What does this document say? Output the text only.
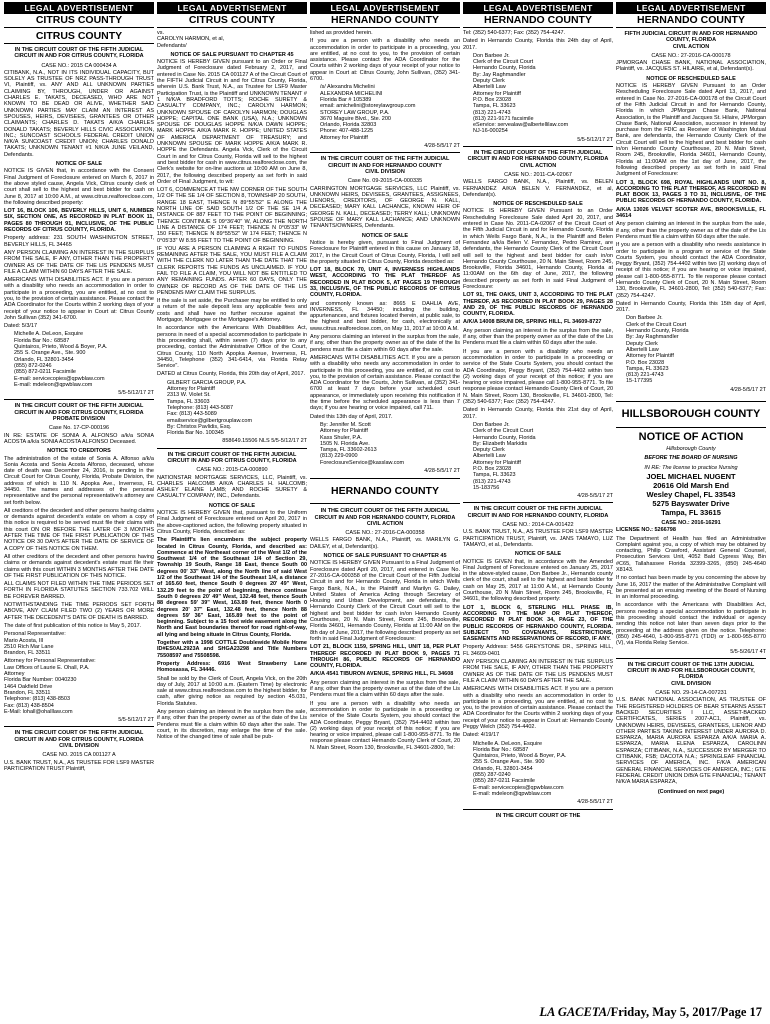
LEGAL ADVERTISEMENT
CITRUS COUNTY
CITRUS COUNTY
IN THE CIRCUIT COURT OF THE FIFTH JUDICIAL CIRCUIT IN AND FOR CITRUS COUNTY, FLORIDA
CASE NO.: 2015 CA 000434 A

CITIBANK, N.A., NOT IN ITS INDIVIDUAL CAPACITY, BUT SOLELY AS TRUSTEE OF NRZ PASS-THROUGH TRUST VI, Plaintiff, vs. ANY AND ALL UNKNOWN PARTIES CLAIMING BY, THROUGH, UNDER OR AGAINST CHARLES E. TAKATS, DECEASED, WHO ARE NOT KNOWN TO BE DEAD OR ALIVE, WHETHER SAID UNKNOWN PARTIES MAY CLAIM AN INTEREST AS SPOUSES, HEIRS, DEVISEES, GRANTEES OR OTHER CLAIMANTS; CHARLES D. TAKATS A/K/A CHARLES DONALD TAKATS; BEVERLY HILLS CIVIC ASSOCIATION, INC.; SUNCOAST SCHOOLS FEDERAL CREDIT UNION N/K/A SUNCOAST CREDIT UNION; CHARLES DONALD TAKATS; UNKNOWN TENANT #1 N/K/A JUNE VEILAND, Defendants.

NOTICE OF SALE

NOTICE IS GIVEN that, in accordance with the Consent Final Judgment of Foreclosure entered on March 6, 2017 in the above styled cause, Angela Vick, Citrus county clerk of court shall sell to the highest and best bidder for cash on June 8, 2017 at 10:00 A.M., at www.citrus.realforeclose.com, the following described property:

LOT 16, BLOCK 106, BEVERLY HILLS, UNIT 6, NUMBER SIX, SECTION ONE, AS RECORDED IN PLAT BOOK 11, PAGES 80 THROUGH 91, INCLUSIVE, OF THE PUBLIC RECORDS OF CITRUS COUNTY, FLORIDA.

Property address: 231 SOUTH WASHINGTON STREET, BEVERLY HILLS, FL 34465

ANY PERSON CLAIMING AN INTEREST IN THE SURPLUS FROM THE SALE, IF ANY, OTHER THAN THE PROPERTY OWNER AS OF THE DATE OF THE LIS PENDENS MUST FILE A CLAIM WITHIN 60 DAYS AFTER THE SALE.

AMERICANS WITH DISABILITIES ACT. If you are a person with a disability who needs an accommodation in order to participate in a proceeding, you are entitled, at no cost to you, to the provision of certain assistance. Please contact the ADA Coordinator for the Courts within 2 working days of your receipt of your notice to appear in Court at: Citrus County John Sullivan (352) 341-6700.

Dated: 5/3/17

Michelle A. DeLeon, Esquire
Florida Bar No.: 68587
Quintairos, Prieto, Wood & Boyer, P.A.
255 S. Orange Ave., Ste. 900
Orlando, FL 32801-3454
(855) 872-0246
(855) 872-0211 Facsimile
E-mail: servicecopies@qpwblaw.com
E-mail: mdeleon@qpwblaw.com

5/5-5/12/17 2T

IN THE CIRCUIT COURT OF THE FIFTH JUDICIAL CIRCUIT IN AND FOR CITRUS COUNTY, FLORIDA
PROBATE DIVISION
Case No. 17-CP-000196

IN RE: ESTATE OF SONIA A. ALFONSO a/k/a SONIA ACOSTA a/k/a SONIA ACOSTA ALFONSO Deceased.

NOTICE TO CREDITORS

The administration of the estate of Sonia A. Alfonso a/k/a Sonia Acosta and Sonia Acosta Alfonso, deceased, whose date of death was December 24, 2016, is pending in the Circuit Court for Citrus County, Florida, Probate Division, the address of which is 110 N. Apopka Ave., Inverness, FL 34450. The names and addresses of the personal representative and the personal representative's attorney are set forth below.

All creditors of the decedent and other persons having claims or demands against decedent's estate on whom a copy of this notice is required to be served must file their claims with this court ON OR BEFORE THE LATER OF 3 MONTHS AFTER THE TIME OF THE FIRST PUBLICATION OF THIS NOTICE OR 30 DAYS AFTER THE DATE OF SERVICE OF A COPY OF THIS NOTICE ON THEM.

All other creditors of the decedent and other persons having claims or demands against decedent's estate must file their claims with this court WITHIN 3 MONTHS AFTER THE DATE OF THE FIRST PUBLICATION OF THIS NOTICE.

ALL CLAIMS NOT FILED WITHIN THE TIME PERIODS SET FORTH IN FLORIDA STATUTES SECTION 733.702 WILL BE FOREVER BARRED.

NOTWITHSTANDING THE TIME PERIODS SET FORTH ABOVE, ANY CLAIM FILED TWO (2) YEARS OR MORE AFTER THE DECEDENT'S DATE OF DEATH IS BARRED.

The date of first publication of this notice is May 5, 2017.

Personal Representative:
Mario Acosta, III
2510 Rich Mar Lane
Brandon, FL 33511

Attorney for Personal Representative:
Law Offices of Laurie E. Ohall, P.A.
Attorney
Florida Bar Number: 0040230
1464 Oakfield Drive
Brandon, FL 33511
Telephone: (813) 438-8503
Fax: (813) 438-8504
E-Mail: lohall@ohalllaw.com

5/5-5/12/17 2T

IN THE CIRCUIT COURT OF THE FIFTH JUDICIAL CIRCUIT IN AND FOR CITRUS COUNTY, FLORIDA
CIVIL DIVISION
CASE NO. 2015 CA 001127 A

U.S. BANK TRUST, N.A., AS TRUSTEE FOR LSF9 MASTER PARTICIPATION TRUST Plaintiff,

LEGAL ADVERTISEMENT
CITRUS COUNTY

vs.
CAROLYN HARMON, et al,
Defendants/

NOTICE OF SALE PURSUANT TO CHAPTER 45

NOTICE IS HEREBY GIVEN pursuant to an Order or Final Judgment of Foreclosure dated February 2, 2017, and entered in Case No. 2015 CA 001127 A of the Circuit Court of the FIFTH Judicial Circuit in and for Citrus County, Florida, wherein U.S. Bank Trust, N.A., as Trustee for LSF9 Master Participation Trust, is the Plaintiff and UNKNOWN TENANT # 1 N/K/A BRADFORD TOTTS; ROCHE SURETY & CASUALTY COMPANY, INC.; CAROLYN HARMON; UNKNOWN SPOUSE OF CAROLYN HARMON; DOUGLAS HOPPE; CAPITAL ONE BANK (USA), N.A.; UNKNOWN SPOUSE OF DOUGLAS HOPPE N/K/A DAWN HOPPE; MARK HOPPE A/K/A MARK R. HOPPE; UNITED STATES OF AMERICA DEPARTMENT OF TREASURY; and UNKNOWN SPOUSE OF MARK HOPPE A/K/A MARK R. HOPPE the Defendants. Angela Vick, Clerk of the Circuit Court in and for Citrus County, Florida will sell to the highest and best bidder for cash in www.citrus.realforeclose.com, the Clerk's website for on-line auctions at 10:00 AM on June 8, 2017, the following described property as set forth in said Order of Final Judgment, to wit:

LOT 6, COMMENCE AT THE NW CORNER OF THE SOUTH 1/2 OF THE SE 1/4 OF SECTION 8, TOWNSHIP 20 SOUTH, RANGE 18 EAST, THENCE N 89°55'52" E ALONG THE NORTH LINE OF SAID SOUTH 1/2 OF THE SE 1/4 A DISTANCE OF 887 FEET TO THE POINT OF BEGINNING; THENCE CONTINUE S 09°36'40" W, ALONG THE NORTH LINE A DISTANCE OF 174 FEET; THENCE N 0°05'33" W 150 FEET; THENCE N 89°55'52" W 174 FEET; THENCE N 0°05'33" W 8.55 FEET TO THE POINT OF BEGINNING.

IF YOU ARE A PERSON CLAIMING A RIGHT TO FUNDS REMAINING AFTER THE SALE, YOU MUST FILE A CLAIM WITH THE CLERK NO LATER THAN THE DATE THAT THE CLERK REPORTS THE FUNDS AS UNCLAIMED. IF YOU FAIL TO FILE A CLAIM, YOU WILL NOT BE ENTITLED TO ANY REMAINING FUNDS. AFTER 60 DAYS, ONLY THE OWNER OF RECORD AS OF THE DATE OF THE LIS PENDENS MAY CLAIM THE SURPLUS.

If the sale is set aside, the Purchaser may be entitled to only a return of the sale deposit less any applicable fees and costs and shall have no further recourse against the Mortgagor, Mortgagee or the Mortgagee's Attorney.

In accordance with the Americans With Disabilities Act, persons in need of a special accommodation to participate in this proceeding shall, within seven (7) days prior to any proceeding, contact the Administrative Office of the Court, Citrus County, 110 North Apopka Avenue, Inverness, FL 34450, Telephone (352) 341-6414, via Florida Relay Service".

DATED at Citrus County, Florida, this 20th day of April, 2017.

GILBERT GARCIA GROUP, P.A.
Attorney for Plaintiff
2313 W. Violet St.
Tampa, FL 33603
Telephone: (813) 443-5087
Fax: (813) 443-5089
emailservice@gilbertgrouplaw.com
By: Christos Pavlidis, Esq.
Florida Bar No. 100345

858649.15506 NLS 5/5-5/12/17 2T

IN THE CIRCUIT COURT OF THE FIFTH JUDICIAL CIRCUIT IN AND FOR CITRUS COUNTY, FLORIDA
CASE NO.: 2015-CA-000890

NATIONSTAR MORTGAGE SERVICES, LLC, Plaintiff, vs. CHARLES HALCOMB A/K/A CHARLES H. HALCOMB; ASHLEY ELAINE LAMB; AND ROCHE SURETY & CASUALTY COMPANY, INC., Defendants.

NOTICE OF SALE

NOTICE IS HEREBY GIVEN that, pursuant to the Uniform Final Judgment of Foreclosure entered on April 20, 2017 in the above-captioned action, the following property situated in Citrus County, Florida, described as:

The Plaintiff's lien encumbers the subject property located in Citrus County, Florida, and described as: Commence at the Northeast corner of the West 1/2 of the Southwest 1/4 of the Southeast 1/4 of Section 29, Township 19 South, Range 18 East, thence South 00 degrees 00' 33" West, along the North line of said West 1/2 of the Southeast 1/4 of the Southeast 1/4, a distance of 165.60 feet, thence South 0 degrees 20' 49" West, 132.29 feet to the point of beginning, thence continue South 0 degrees 20' 49" West, 132.48 feet, thence South 88 degrees 59' 39" West, 163.89 feet, thence North 0 degrees 20' 37" East, 132.48 feet, thence North 88 degrees 59' 36" East, 165.89 feet to the point of beginning. Subject to a 15 foot wide easement along the North and East boundaries thereof for road right-of-way, all lying and being situate in Citrus County, Florida.

Together with a 1998 COTTLE Doublewide Mobile Home ID#ES0AL2923A and SHGA23298 and Title Numbers 75508597 and 75508598.

Property Address: 6916 West Strawberry Lane Homosassa, FL 34446.

Shall be sold by the Clerk of Court, Angela Vick, on the 20th day of July, 2017 at 10:00 a.m. (Eastern Time) by electronic sale at www.citrus.realforeclose.com to the highest bidder, for cash, after giving notice as required by section 45.031, Florida Statutes.

Any person claiming an interest in the surplus from the sale, if any, other than the property owner as of the date of the Lis Pendens must file a claim within 60 days after the sale. The court, in its discretion, may enlarge the time of the sale. Notice of the changed time of sale shall be pub-

LEGAL ADVERTISEMENT
HERNANDO COUNTY

lished as provided herein.

If you are a person with a disability who needs an accommodation in order to participate in a proceeding, you are entitled, at no cost to you, to the provision of certain assistance. Please contact the ADA Coordinator for the Courts within 2 working days of your receipt of your notice to appear in Court at: Citrus County, John Sullivan, (352) 341-6700.

/s/ Alexandra Michelini
ALEXANDRA MICHELINI
Florida Bar # 105389
email: amichelini@storeylawgroup.com
STOREY LAW GROUP, P.A.
3670 Maguire Blvd., Ste. 200
Orlando, Florida 32803
Phone: 407-488-1225
Attorney for Plaintiff

4/28-5/5/17 2T

IN THE CIRCUIT COURT OF THE FIFTH JUDICIAL CIRCUIT IN AND FOR HERNANDO COUNTY
CIVIL DIVISION
Case No. 09-2015-CA-000335

CARRINGTON MORTGAGE SERVICES, LLC Plaintiff, vs. UNKNOWN HEIRS, DEVISEES, GRANTEES, ASSIGNEES, LIENORS, CREDITORS, OF GEORGE N. KALL, DECEASED; MARY KALL LACHANCE, KNOWN HEIR OF GEORGE N. KALL, DECEASED; TERRY KALL; UNKNOWN SPOUSE OF MARY KALL LACHANCE; AND UNKNOWN TENANTS/OWNERS, Defendants.

NOTICE OF SALE

Notice is hereby given, pursuant to Final Judgment of Foreclosure for Plaintiff entered in this cause on January 18, 2017, in the Circuit Court of Citrus County, Florida, I will sell the property situated in Citrus County, Florida described as:

LOT 18, BLOCK 70, UNIT 4, INVERNESS HIGHLANDS WEST, ACCORDING TO THE PLAT THEREOF AS RECORDED IN PLAT BOOK 5, AT PAGES 19 THROUGH 33, INCLUSIVE, OF THE PUBLIC RECORDS OF CITRUS COUNTY, FLORIDA.

and commonly known as: 8665 E DAHLIA AVE, INVERNESS, FL 34450; including the building, appurtenances, and fixtures located therein, at public sale, to the highest and best bidder, for cash, electronically at www.citrus.realforeclose.com, on May 11, 2017 at 10:00 A.M.

Any persons claiming an interest in the surplus from the sale, if any, other than the property owner as of the date of the lis pendens must file a claim within 60 days after the sale.

AMERICANS WITH DISABILITIES ACT. If you are a person with a disability who needs any accommodation in order to participate in this proceeding, you are entitled, at no cost to you, to the provision of certain assistance. Please contact the ADA Coordinator for the Courts, John Sullivan, at (352) 341-6700 at least 7 days before your scheduled court appearance, or immediately upon receiving this notification if the time before the scheduled appearance is less than 7 days; if you are hearing or voice impaired, call 711.

Dated this 13th day of April, 2017.

By: Jennifer M. Scott
Attorney for Plaintiff
Kass Shuler, P.A.
1505 N. Florida Ave.
Tampa, FL 33602-2613
(813) 229-0900
ForeclosureService@kasslaw.com

4/28-5/5/17 2T

HERNANDO COUNTY
IN THE CIRCUIT COURT OF THE FIFTH JUDICIAL CIRCUIT IN AND FOR HERNANDO COUNTY, FLORIDA
CIVIL ACTION
CASE NO.: 27-2016-CA-000358

WELLS FARGO BANK, N.A., Plaintiff, vs. MARILYN G. DAILEY, et al, Defendant(s).

NOTICE OF SALE PURSUANT TO CHAPTER 45

NOTICE IS HEREBY GIVEN Pursuant to a Final Judgment of Foreclosure dated April 20, 2017, and entered in Case No. 27-2016-CA-000358 of the Circuit Court of the Fifth Judicial Circuit in and for Hernando County, Florida in which Wells Fargo Bank, N.A., is the Plaintiff and Marilyn G. Dailey, United States of America Acting through Secretary of Housing and Urban Development, are defendants, the Hernando County Clerk of the Circuit Court will sell to the highest and best bidder for cash in/on Hernando County Courthouse, 20 N. Main Street, Room 245, Brooksville, Florida 34601, Hernando County, Florida at 11:00 AM on the 8th day of June, 2017, the following described property as set forth in said Final Judgment of Foreclosure:

LOT 21, BLOCK 1159, SPRING HILL, UNIT 18, PER PLAT THEREOF RECORDED IN PLAT BOOK 9, PAGES 71 THROUGH 86, PUBLIC RECORDS OF HERNANDO COUNTY, FLORIDA.

A/K/A 4541 TIBURON AVENUE, SPRING HILL, FL 34608

Any person claiming an interest in the surplus from the sale, if any, other than the property owner as of the date of the Lis Pendens must file a claim within 60 days after the sale.

If you are a person with a disability who needs an accommodation in order to participate in a proceeding or service of the State Courts System, you should contact the ADA Coordinator, Peggy Bryant, (352) 754-4402 within two (2) working days of your receipt of this notice; if you are hearing or voice impaired, please call 1-800-955-8771. To file response please contact Hernando County Clerk of Court, 20 N. Main Street, Room 130, Brooksville, FL 34601-2800, Tel:

LEGAL ADVERTISEMENT
HERNANDO COUNTY

Tel: (352) 540-6377; Fax: (352) 754-4247.

Dated in Hernando County, Florida this 24th day of April, 2017.

Don Barbee Jr.
Clerk of the Circuit Court
Hernando County, Florida
By: Jay Raghmandler
Deputy Clerk
Albertelli Law
Attorney for Plaintiff
P.O. Box 23028
Tampa, FL 33623
(813) 221-4743
(813) 221-9171 facsimile
eService: servealaw@albertellilaw.com
NJ-16-000254

5/5-5/12/17 2T

IN THE CIRCUIT COURT OF THE FIFTH JUDICIAL CIRCUIT IN AND FOR HERNANDO COUNTY, FLORIDA
CIVIL ACTION
CASE NO.: 2011-CA-02067

WELLS FARGO BANK, N.A., Plaintiff, vs. BELEN FERNANDEZ A/K/A BELEN V. FERNANDEZ, et al, Defendant(s).

NOTICE OF RESCHEDULED SALE

NOTICE IS HEREBY GIVEN Pursuant to an Order Rescheduling Foreclosure Sale dated April 20, 2017, and entered in Case No. 2011-CA-02067 of the Circuit Court of the Fifth Judicial Circuit in and for Hernando County, Florida in which Wells Fargo Bank, N.A., is the Plaintiff and Belen Fernandez a/k/a Belen V. Fernandez, Pedro Ramirez, are defendants, the Hernando County Clerk of the Circuit Court will sell to the highest and best bidder for cash in/on Hernando County Courthouse, 20 N. Main Street, Room 245, Brooksville, Florida 34601, Hernando County, Florida at 11:00AM on the 6th day of June, 2017, the following described property as set forth in said Final Judgment of Foreclosure:

LOT 91, THE OAKS, UNIT 3, ACCORDING TO THE PLAT THEREOF, AS RECORDED IN PLAT BOOK 29, PAGES 28 AND 29, OF THE PUBLIC RECORDS OF HERNANDO COUNTY, FLORIDA.

A/K/A 14008 BRUNI DR, SPRING HILL, FL 34609-8727

Any person claiming an interest in the surplus from the sale, if any, other than the property owner as of the date of the Lis Pendens must file a claim within 60 days after the sale.

If you are a person with a disability who needs an accommodation in order to participate in a proceeding or service of the State Courts System, you should contact the ADA Coordinator, Peggy Bryant, (352) 754-4402 within two (2) working days of your receipt of this notice; if you are hearing or voice impaired, please call 1-800-955-8771. To file response please contact Hernando County Clerk of Court, 20 N. Main Street, Room 130, Brooksville, FL 34601-2800, Tel: (352) 540-6377; Fax: (352) 754-4247.

Dated in Hernando County, Florida this 21st day of April, 2017.

Don Barbee Jr.
Clerk of the Circuit Court
Hernando County, Florida
By: Elizabeth Markidis
Deputy Clerk
Albertelli Law
Attorney for Plaintiff
P.O. Box 23028
Tampa, FL 33623
(813) 221-4743
15-183756

4/28-5/5/17 2T

IN THE CIRCUIT COURT OF THE FIFTH JUDICIAL CIRCUIT IN AND FOR HERNANDO COUNTY, FLORIDA
CASE NO.: 2014-CA-001422

U.S. BANK TRUST, N.A., AS TRUSTEE FOR LSF9 MASTER PARTICIPATION TRUST, Plaintiff, vs. JANS TAMAYO, LUZ TAMAYO, et al., Defendants.

NOTICE OF SALE

NOTICE IS GIVEN that, in accordance with the Amended Final Judgment of Foreclosure entered on January 25, 2017 in the above-styled cause, Don Barbee Jr., Hernando county clerk of the court, shall sell to the highest and best bidder for cash on May 25, 2017 at 11:00 A.M., at Hernando County Courthouse, 20 N Main Street, Room 245, Brooksville, FL 34601, the following described property:

LOT 1, BLOCK 6, STERLING HILL PHASE IB, ACCORDING TO THE MAP OR PLAT THEREOF, RECORDED IN PLAT BOOK 34, PAGE 23, OF THE PUBLIC RECORDS OF HERNANDO COUNTY, FLORIDA. SUBJECT TO COVENANTS, RESTRICTIONS, EASEMENTS AND RESERVATIONS OF RECORD, IF ANY.

Property Address: 5456 GREYSTONE DR., SPRING HILL, FL 34609-0401

ANY PERSON CLAIMING AN INTEREST IN THE SURPLUS FROM THE SALE, IF ANY, OTHER THAN THE PROPERTY OWNER AS OF THE DATE OF THE LIS PENDENS MUST FILE A CLAIM WITHIN 60 DAYS AFTER THE SALE.

AMERICANS WITH DISABILITIES ACT. If you are a person with a disability who needs an accommodation in order to participate in a proceeding, you are entitled, at no cost to you, to the provision of certain assistance. Please contact the ADA Coordinator for the Courts within 2 working days of your receipt of your notice to appear in Court at: Hernando County Peggy Welch (352) 754-4402.

Dated: 4/19/17

Michelle A. DeLeon, Esquire
Florida Bar No.: 68587
Quintairos, Prieto, Wood & Boyer, P.A.
255 S. Orange Ave., Ste. 900
Orlando, FL 32801-3454
(855) 287-0240
(855) 287-0211 Facsimile
E-mail: servicecopies@qpwblaw.com
E-mail: mdeleon@qpwblaw.com

4/28-5/5/17 2T

IN THE CIRCUIT COURT OF THE
LEGAL ADVERTISEMENT
HERNANDO COUNTY
FIFTH JUDICIAL CIRCUIT IN AND FOR HERNANDO COUNTY, FLORIDA
CIVIL ACTION
CASE NO.: 27-2016-CA-000178

JPMORGAN CHASE BANK, NATIONAL ASSOCIATION, Plaintiff, vs. JACQUES ST. HILAIRE, et al, Defendant(s).

NOTICE OF RESCHEDULED SALE

NOTICE IS HEREBY GIVEN Pursuant to an Order Rescheduling Foreclosure Sale dated April 13, 2017, and entered in Case No. 27-2016-CA-000178 of the Circuit Court of the Fifth Judicial Circuit in and for Hernando County, Florida in which JPMorgan Chase Bank, National Association, is the Plaintiff and Jacques St. Hilaire, JPMorgan Chase Bank, National Association, successor in interest by purchase from the FDIC as Receiver of Washington Mutual Bank, are defendants, the Hernando County Clerk of the Circuit Court will sell to the highest and best bidder for cash in/on Hernando County Courthouse, 20 N. Main Street, Room 245, Brooksville, Florida 34601, Hernando County, Florida at 11:00AM on the 1st day of June, 2017, the following described property as set forth in said Final Judgment of Foreclosure:

LOT 3, BLOCK 698, ROYAL HIGHLANDS UNIT NO. 8, ACCORDING TO THE PLAT THEREOF, AS RECORDED IN PLAT BOOK 13, PAGES 3 TO 31, INCLUSIVE, OF THE PUBLIC RECORDS OF HERNANDO COUNTY, FLORIDA.

A/K/A 13026 VELVET SCOTER AVE, BROOKSVILLE, FL 34614

Any person claiming an interest in the surplus from the sale, if any, other than the property owner as of the date of the Lis Pendens must file a claim within 60 days after the sale.

If you are a person with a disability who needs assistance in order to participate in a program or service of the State Courts System, you should contact the ADA Coordinator, Peggy Bryant, (352) 754-4402 within two (2) working days of receipt of this notice; if you are hearing or voice impaired, please call 1-800-955-8771. To file response please contact Hernando County Clerk of Court, 20 N. Main Street, Room 130, Brooksville, FL 34601-2800, Tel: (352) 540-6377; Fax: (352) 754-4247.

Dated in Hernando County, Florida this 15th day of April, 2017.

Don Barbee Jr.
Clerk of the Circuit Court
Hernando County, Florida
By: Jay Raghmandler
Deputy Clerk
Albertelli Law
Attorney for Plaintiff
P.O. Box 23028
Tampa, FL 33623
(813) 221-4743
15-177395

4/28-5/5/17 2T

HILLSBOROUGH COUNTY
NOTICE OF ACTION
Hillsborough County
BEFORE THE BOARD OF NURSING
IN RE: The license to practice Nursing
JOEL MICHAEL NUGENT
20616 Old Marsh End
Wesley Chapel, FL 33543
5275 Bayswater Drive
Tampa, FL 33615
CASE NO.: 2016-16291

LICENSE NO.: 5266798

The Department of Health has filed an Administrative Complaint against you, a copy of which may be obtained by contacting, Philip Crawford, Assistant General Counsel, Prosecution Services Unit, 4052 Bald Cypress Way, Bin #C65, Tallahassee Florida 32399-3265, (850) 245-4640 X8143.

If no contact has been made by you concerning the above by June 16, 2017 the matter of the Administrative Complaint will be presented at an ensuing meeting of the Board of Nursing in an informal proceeding.

In accordance with the Americans with Disabilities Act, persons needing a special accommodation to participate in this proceeding should contact the individual or agency sending this notice not later than seven days prior to the proceeding at the address given on the notice. Telephone: (850) 245-4640, 1-800-955-8771 (TDD) or 1-800-955-8770 (V), via Florida Relay Service.

5/5-5/26/17 4T

IN THE CIRCUIT COURT OF THE 13TH JUDICIAL CIRCUIT IN AND FOR HILLSBOROUGH COUNTY, FLORIDA
CIVIL DIVISION
CASE NO. 29-14-CA-007231

U.S. BANK NATIONAL ASSOCIATION, AS TRUSTEE OF THE REGISTERED HOLDERS OF BEAR STEARNS ASSET BACKED SECURITIES I LLC, ASSET-BACKED CERTIFICATES, SERIES 2007-AC1, Plaintiff, vs. UNKNOWN HEIRS, DEVISEES, GRANTEES, LIENOR AND OTHER PARTIES TAKING INTEREST UNDER AURORA D. ESPARZA, MARIA AURORA ESPARZA A/K/A MARIA A. ESPARZA, MARIA ELENA ESPARZA, CAROLINN ESPARZA; CITIBANK, N.A., SUCCESSOR BY MERGER TO CITIBANK, FSB; DACOTA N.A.; SPRINGLEAF FINANCIAL SERVICES OF AMERICA, INC. F/K/A AMERICAN GENERAL FINANCIAL SERVICES OF AMERICA, INC.; GTE FEDERAL CREDIT UNION D/B/A GTE FINANCIAL; TENANT N/K/A MARIA ESPARZA,

(Continued on next page)
LA GACETA/Friday, May 5, 2017/Page 17
